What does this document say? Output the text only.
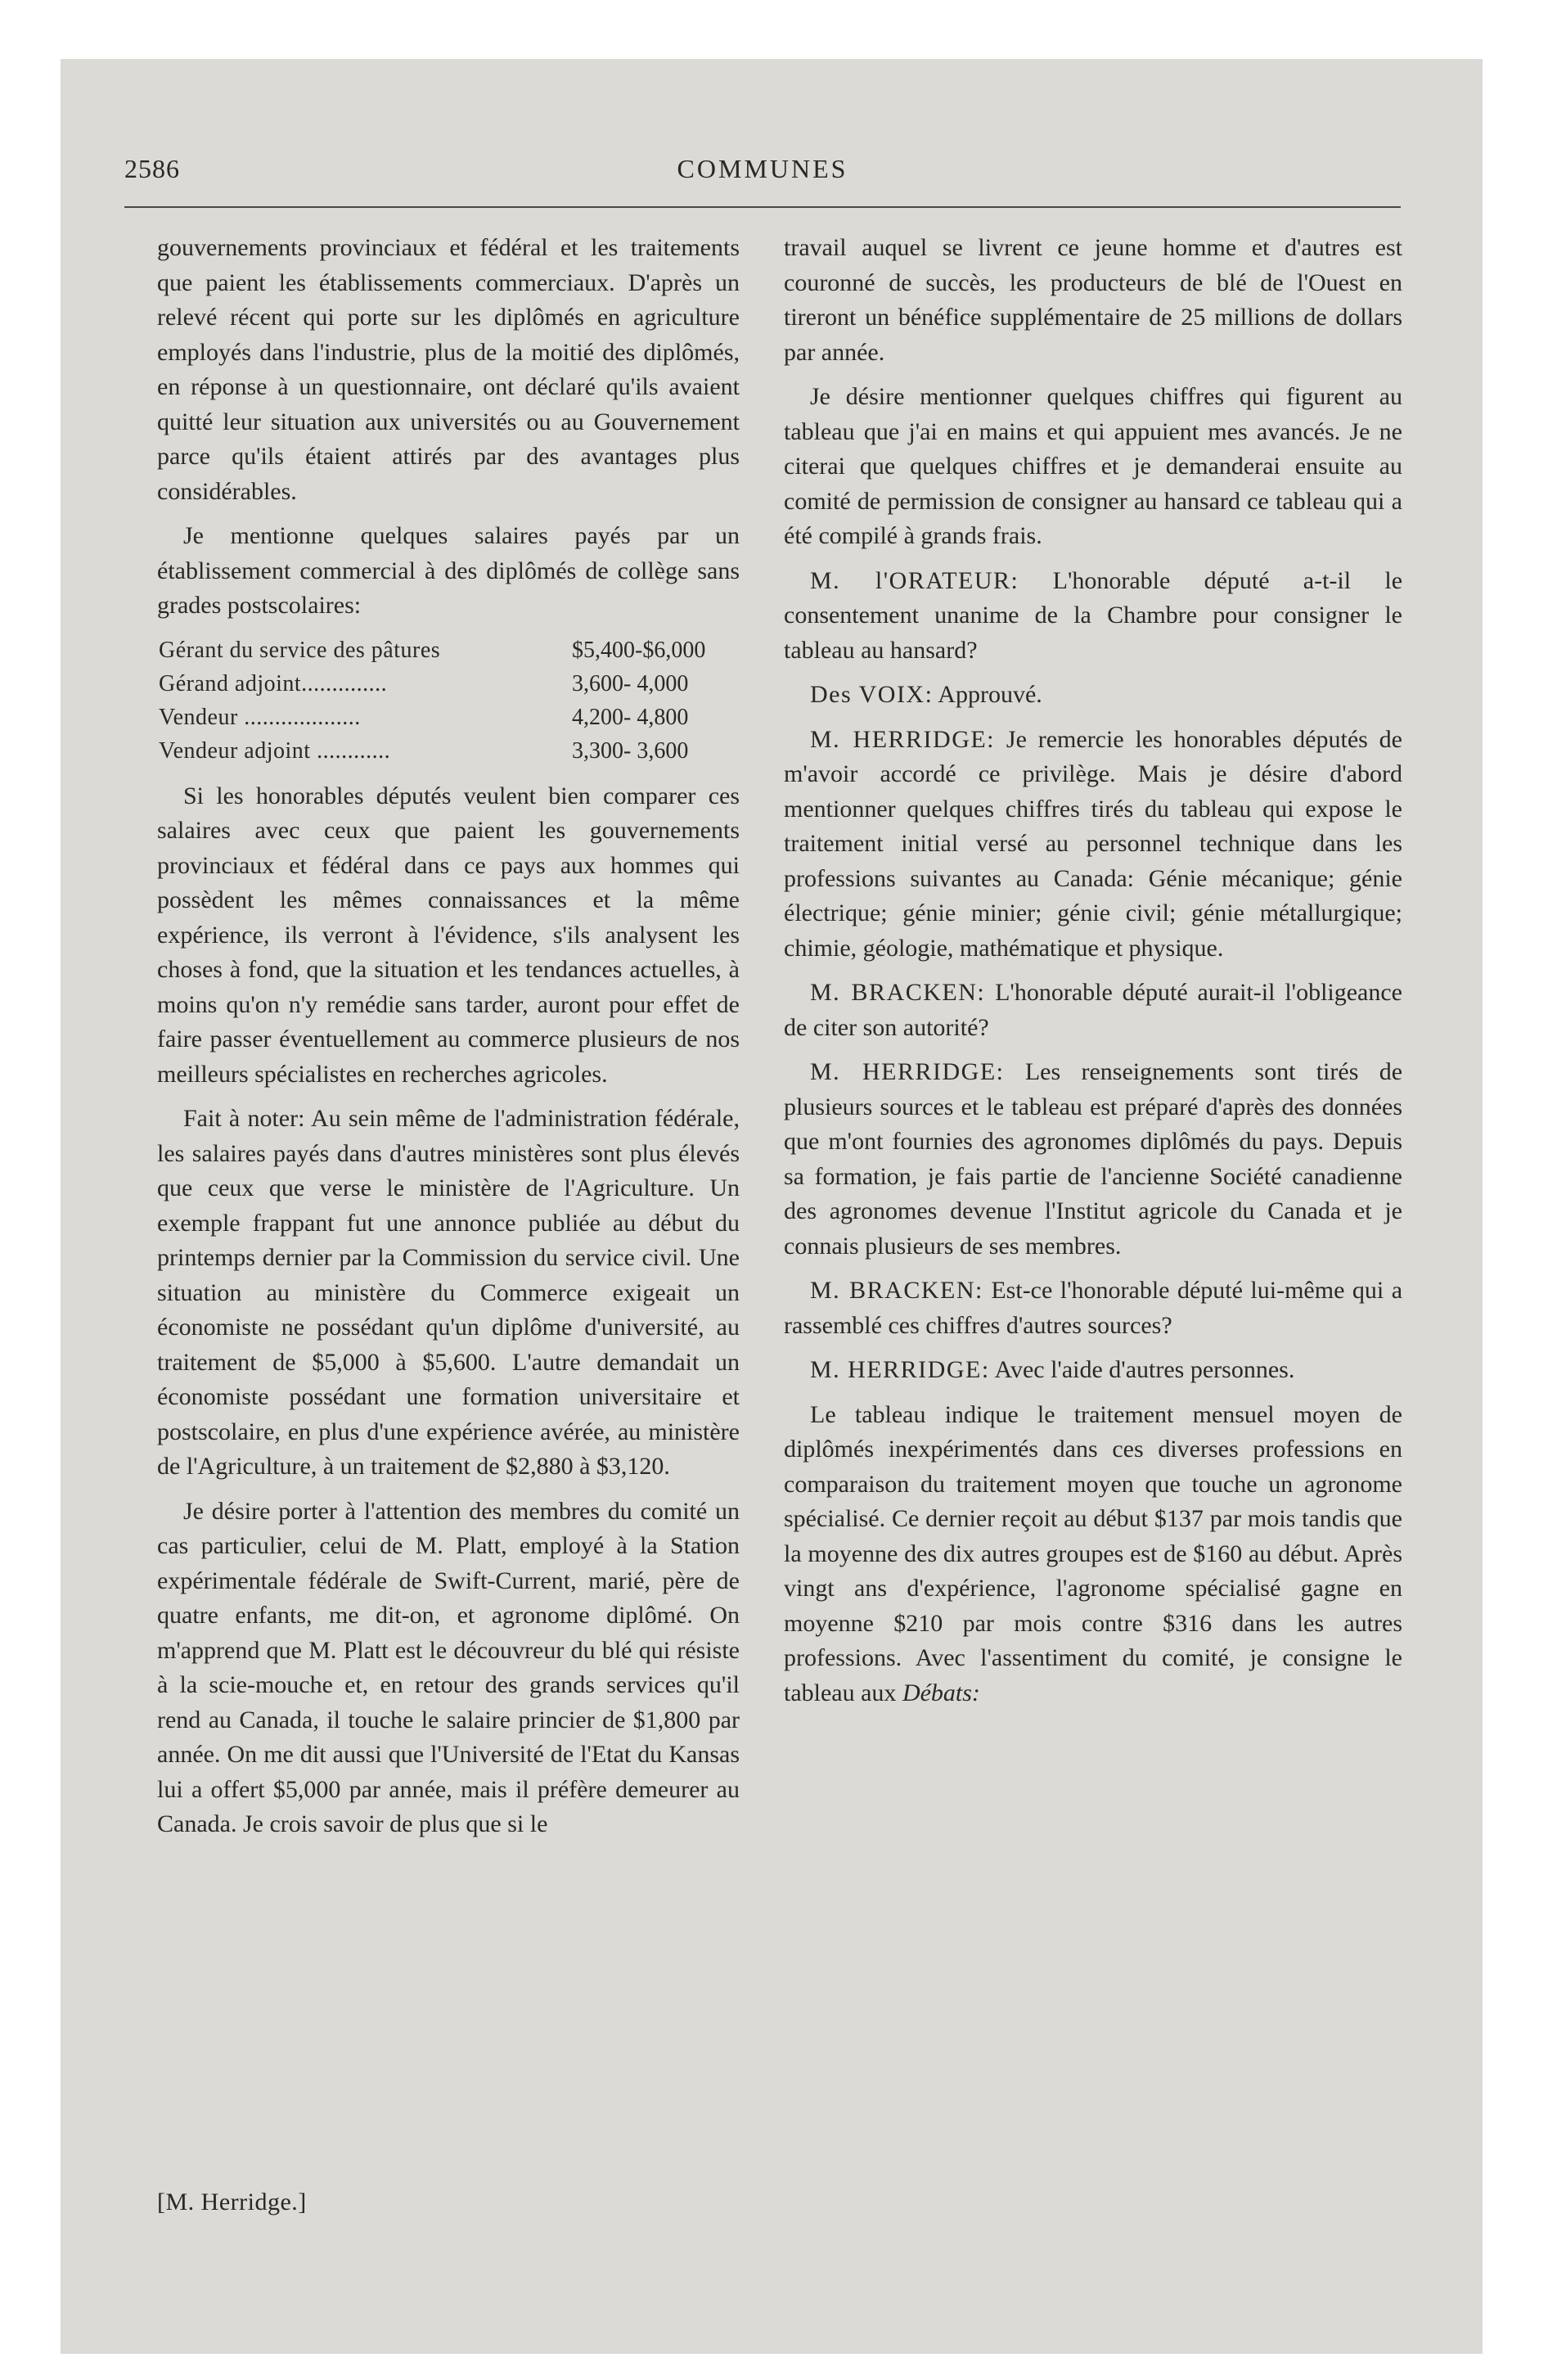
2586	COMMUNES

gouvernements provinciaux et fédéral et les traitements que paient les établissements commerciaux. D'après un relevé récent qui porte sur les diplômés en agriculture employés dans l'industrie, plus de la moitié des diplômés, en réponse à un questionnaire, ont déclaré qu'ils avaient quitté leur situation aux universités ou au Gouvernement parce qu'ils étaient attirés par des avantages plus considérables.

Je mentionne quelques salaires payés par un établissement commercial à des diplômés de collège sans grades postscolaires:

Gérant du service des pâtures	$5,400-$6,000
Gérand adjoint..............	3,600- 4,000
Vendeur ...................	4,200- 4,800
Vendeur adjoint ............	3,300- 3,600

Si les honorables députés veulent bien comparer ces salaires avec ceux que paient les gouvernements provinciaux et fédéral dans ce pays aux hommes qui possèdent les mêmes connaissances et la même expérience, ils verront à l'évidence, s'ils analysent les choses à fond, que la situation et les tendances actuelles, à moins qu'on n'y remédie sans tarder, auront pour effet de faire passer éventuellement au commerce plusieurs de nos meilleurs spécialistes en recherches agricoles.

Fait à noter: Au sein même de l'administration fédérale, les salaires payés dans d'autres ministères sont plus élevés que ceux que verse le ministère de l'Agriculture. Un exemple frappant fut une annonce publiée au début du printemps dernier par la Commission du service civil. Une situation au ministère du Commerce exigeait un économiste ne possédant qu'un diplôme d'université, au traitement de $5,000 à $5,600. L'autre demandait un économiste possédant une formation universitaire et postscolaire, en plus d'une expérience avérée, au ministère de l'Agriculture, à un traitement de $2,880 à $3,120.

Je désire porter à l'attention des membres du comité un cas particulier, celui de M. Platt, employé à la Station expérimentale fédérale de Swift-Current, marié, père de quatre enfants, me dit-on, et agronome diplômé. On m'apprend que M. Platt est le découvreur du blé qui résiste à la scie-mouche et, en retour des grands services qu'il rend au Canada, il touche le salaire princier de $1,800 par année. On me dit aussi que l'Université de l'Etat du Kansas lui a offert $5,000 par année, mais il préfère demeurer au Canada. Je crois savoir de plus que si le

travail auquel se livrent ce jeune homme et d'autres est couronné de succès, les producteurs de blé de l'Ouest en tireront un bénéfice supplémentaire de 25 millions de dollars par année.

Je désire mentionner quelques chiffres qui figurent au tableau que j'ai en mains et qui appuient mes avancés. Je ne citerai que quelques chiffres et je demanderai ensuite au comité de permission de consigner au hansard ce tableau qui a été compilé à grands frais.

M. l'ORATEUR: L'honorable député a-t-il le consentement unanime de la Chambre pour consigner le tableau au hansard?

Des VOIX: Approuvé.

M. HERRIDGE: Je remercie les honorables députés de m'avoir accordé ce privilège. Mais je désire d'abord mentionner quelques chiffres tirés du tableau qui expose le traitement initial versé au personnel technique dans les professions suivantes au Canada: Génie mécanique; génie électrique; génie minier; génie civil; génie métallurgique; chimie, géologie, mathématique et physique.

M. BRACKEN: L'honorable député aurait-il l'obligeance de citer son autorité?

M. HERRIDGE: Les renseignements sont tirés de plusieurs sources et le tableau est préparé d'après des données que m'ont fournies des agronomes diplômés du pays. Depuis sa formation, je fais partie de l'ancienne Société canadienne des agronomes devenue l'Institut agricole du Canada et je connais plusieurs de ses membres.

M. BRACKEN: Est-ce l'honorable député lui-même qui a rassemblé ces chiffres d'autres sources?

M. HERRIDGE: Avec l'aide d'autres personnes.

Le tableau indique le traitement mensuel moyen de diplômés inexpérimentés dans ces diverses professions en comparaison du traitement moyen que touche un agronome spécialisé. Ce dernier reçoit au début $137 par mois tandis que la moyenne des dix autres groupes est de $160 au début. Après vingt ans d'expérience, l'agronome spécialisé gagne en moyenne $210 par mois contre $316 dans les autres professions. Avec l'assentiment du comité, je consigne le tableau aux Débats:

[M. Herridge.]
